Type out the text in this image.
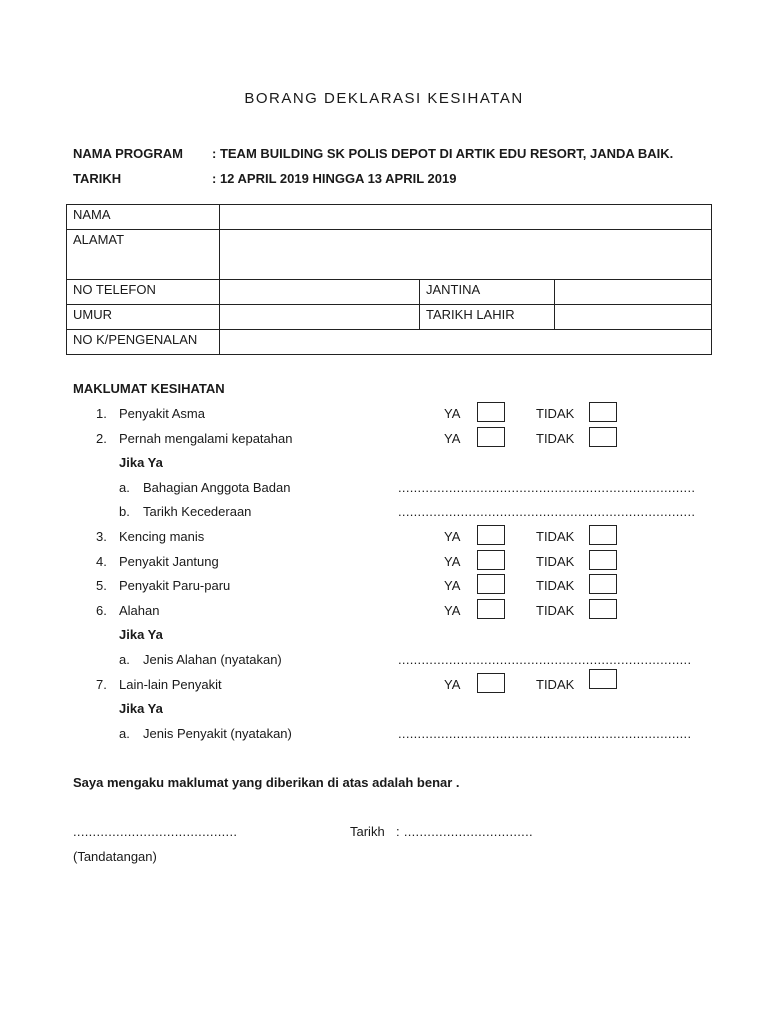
BORANG DEKLARASI KESIHATAN
NAMA PROGRAM : TEAM BUILDING SK POLIS DEPOT DI ARTIK EDU RESORT, JANDA BAIK.
TARIKH	: 12 APRIL 2019 HINGGA 13 APRIL 2019
NAMA			
ALAMAT			
NO TELEFON		JANTINA	
UMUR		TARIKH LAHIR	
NO K/PENGENALAN			
MAKLUMAT KESIHATAN
1. Penyakit Asma	YA	TIDAK
2. Pernah mengalami kepatahan	YA	TIDAK
Jika Ya
a. Bahagian Anggota Badan	............................................................................
b. Tarikh Kecederaan	............................................................................
3. Kencing manis	YA	TIDAK
4. Penyakit Jantung	YA	TIDAK
5. Penyakit Paru-paru	YA	TIDAK
6. Alahan	YA	TIDAK
Jika Ya
a. Jenis Alahan (nyatakan)	...........................................................................
7. Lain-lain Penyakit	YA	TIDAK
Jika Ya
a. Jenis Penyakit (nyatakan)	...........................................................................
Saya mengaku maklumat yang diberikan di atas adalah benar .
..........................................	Tarikh : .................................
(Tandatangan)
